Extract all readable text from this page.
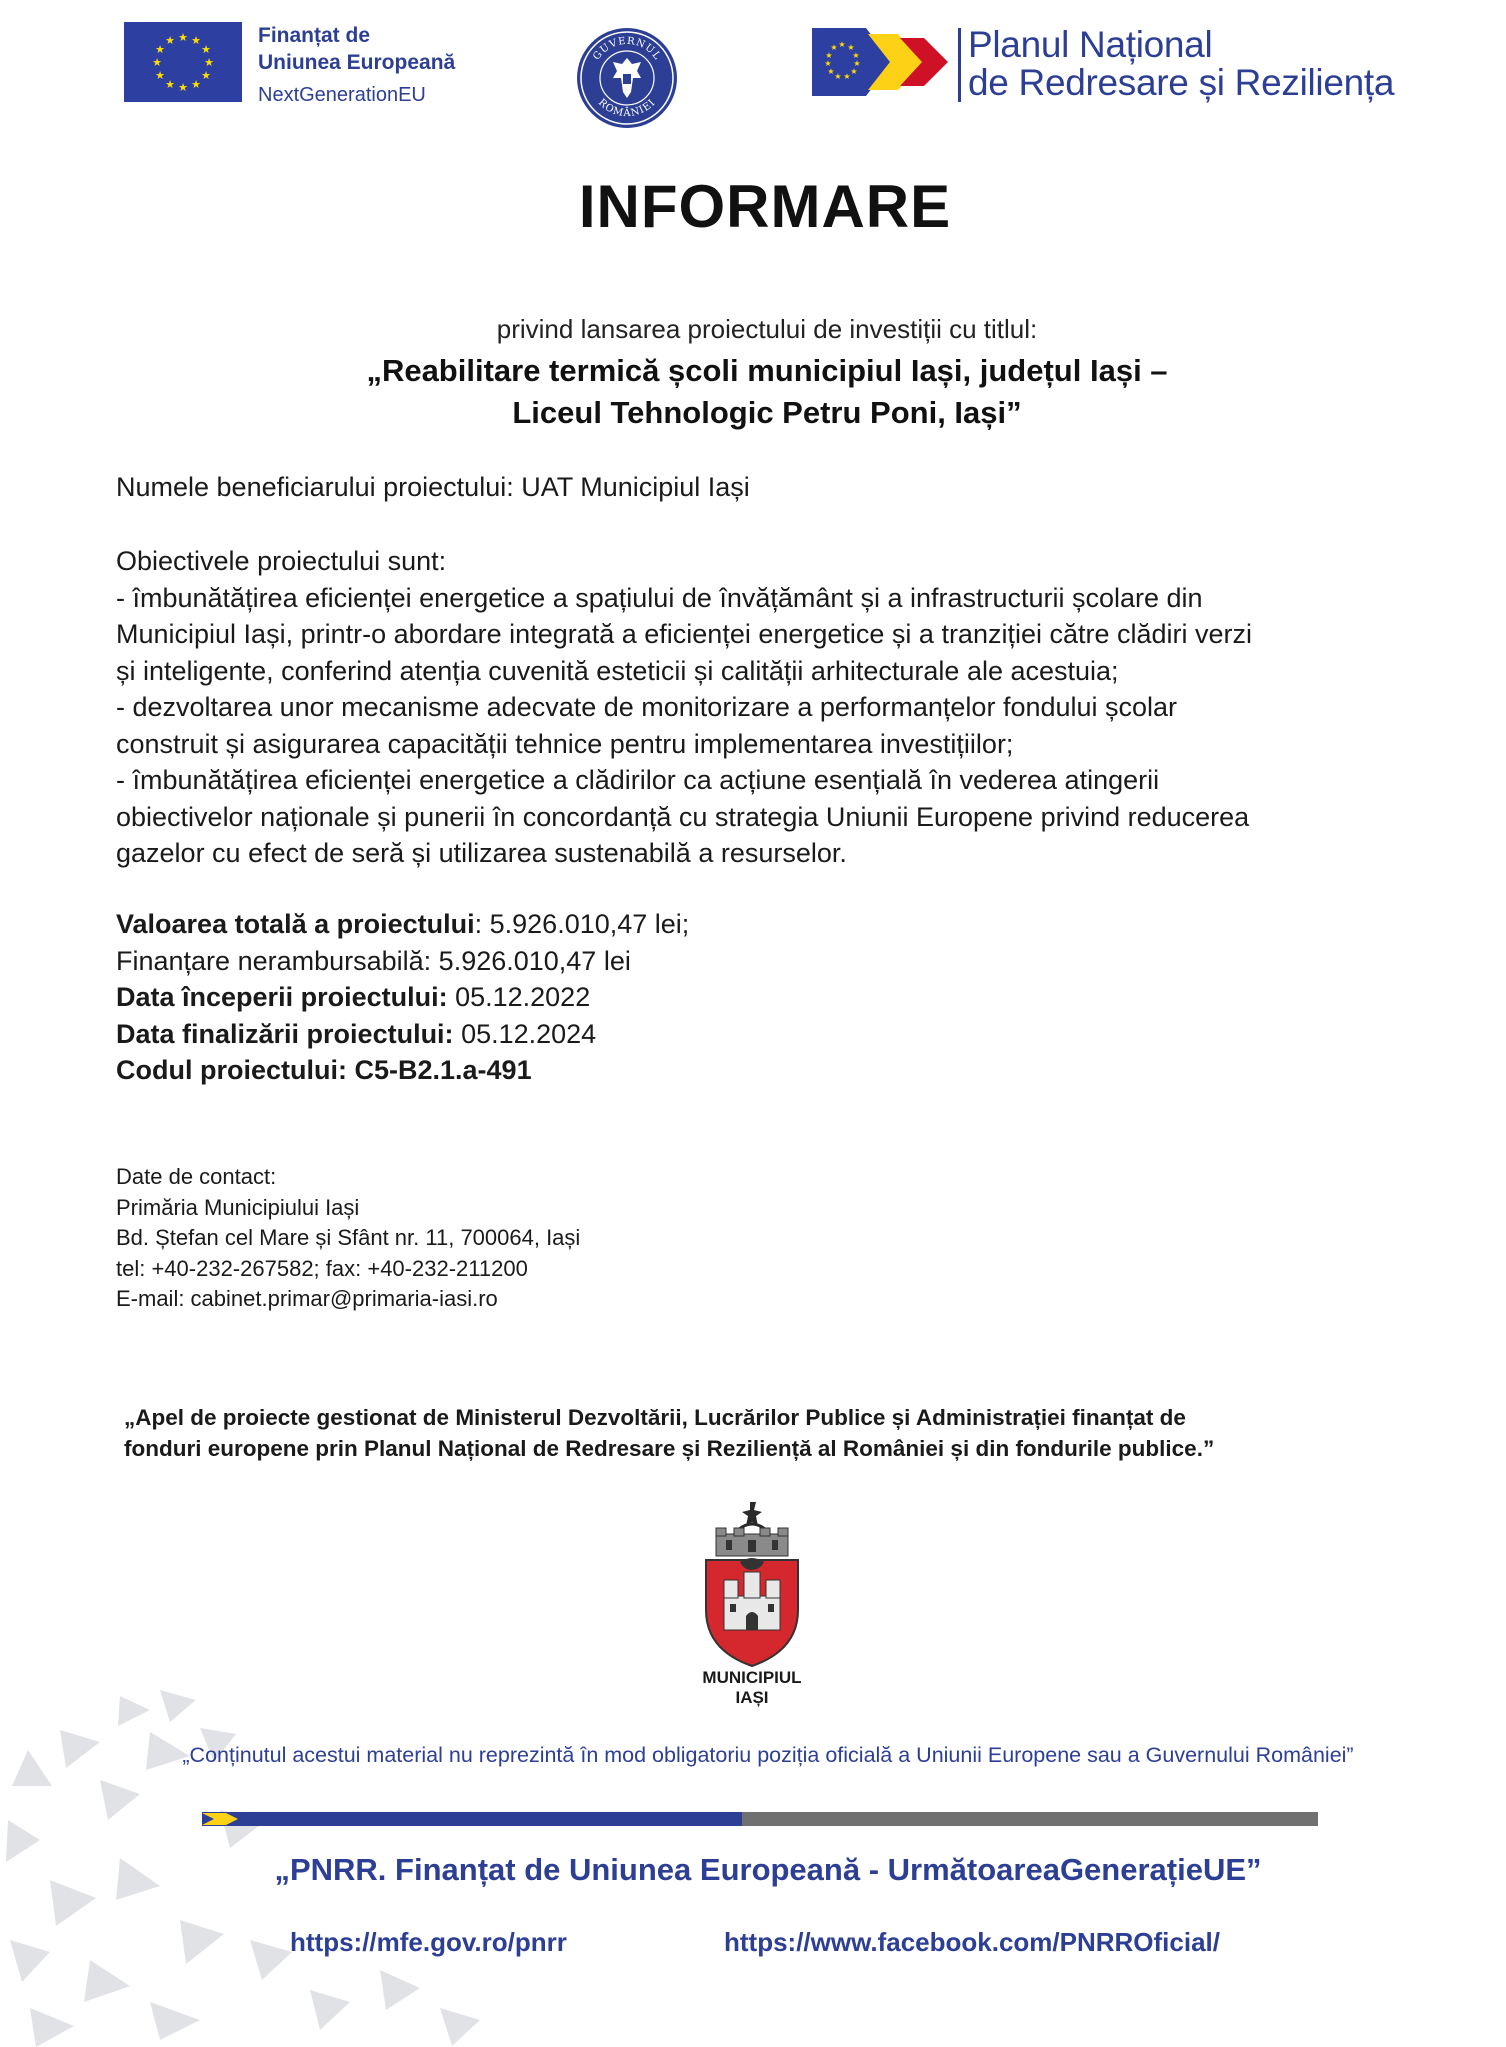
★ ★
★
★
★
★
★
★
★
★
★
★	Finanțat de
Uniunea Europeană
NextGenerationEU
GUVERNUL
ROMÂNIEI
★ ★
★
★
★
★
★
★
★
★
★	Planul Național
de Redresare și Reziliența
INFORMARE
privind lansarea proiectului de investiții cu titlul:
„Reabilitare termică școli municipiul Iași, județul Iași –
Liceul Tehnologic Petru Poni, Iași”
Numele beneficiarului proiectului: UAT Municipiul Iași
Obiectivele proiectului sunt:
- îmbunătățirea eficienței energetice a spațiului de învățământ și a infrastructurii școlare din
Municipiul Iași, printr-o abordare integrată a eficienței energetice și a tranziției către clădiri verzi
și inteligente, conferind atenția cuvenită esteticii și calității arhitecturale ale acestuia;
- dezvoltarea unor mecanisme adecvate de monitorizare a performanțelor fondului școlar
construit și asigurarea capacității tehnice pentru implementarea investițiilor;
- îmbunătățirea eficienței energetice a clădirilor ca acțiune esențială în vederea atingerii
obiectivelor naționale și punerii în concordanță cu strategia Uniunii Europene privind reducerea
gazelor cu efect de seră și utilizarea sustenabilă a resurselor.
Valoarea totală a proiectului: 5.926.010,47 lei;
Finanțare nerambursabilă: 5.926.010,47 lei
Data începerii proiectului: 05.12.2022
Data finalizării proiectului: 05.12.2024
Codul proiectului: C5-B2.1.a-491
Date de contact:
Primăria Municipiului Iași
Bd. Ștefan cel Mare și Sfânt nr. 11, 700064, Iași
tel: +40-232-267582; fax: +40-232-211200
E-mail: cabinet.primar@primaria-iasi.ro
„Apel de proiecte gestionat de Ministerul Dezvoltării, Lucrărilor Publice și Administrației finanțat de
fonduri europene prin Planul Național de Redresare și Reziliență al României și din fondurile publice.”
MUNICIPIUL
IAȘI
„Conținutul acestui material nu reprezintă în mod obligatoriu poziția oficială a Uniunii Europene sau a Guvernului României”
„PNRR. Finanțat de Uniunea Europeană - UrmătoareaGenerațieUE”
https://mfe.gov.ro/pnrr	https://www.facebook.com/PNRROficial/
